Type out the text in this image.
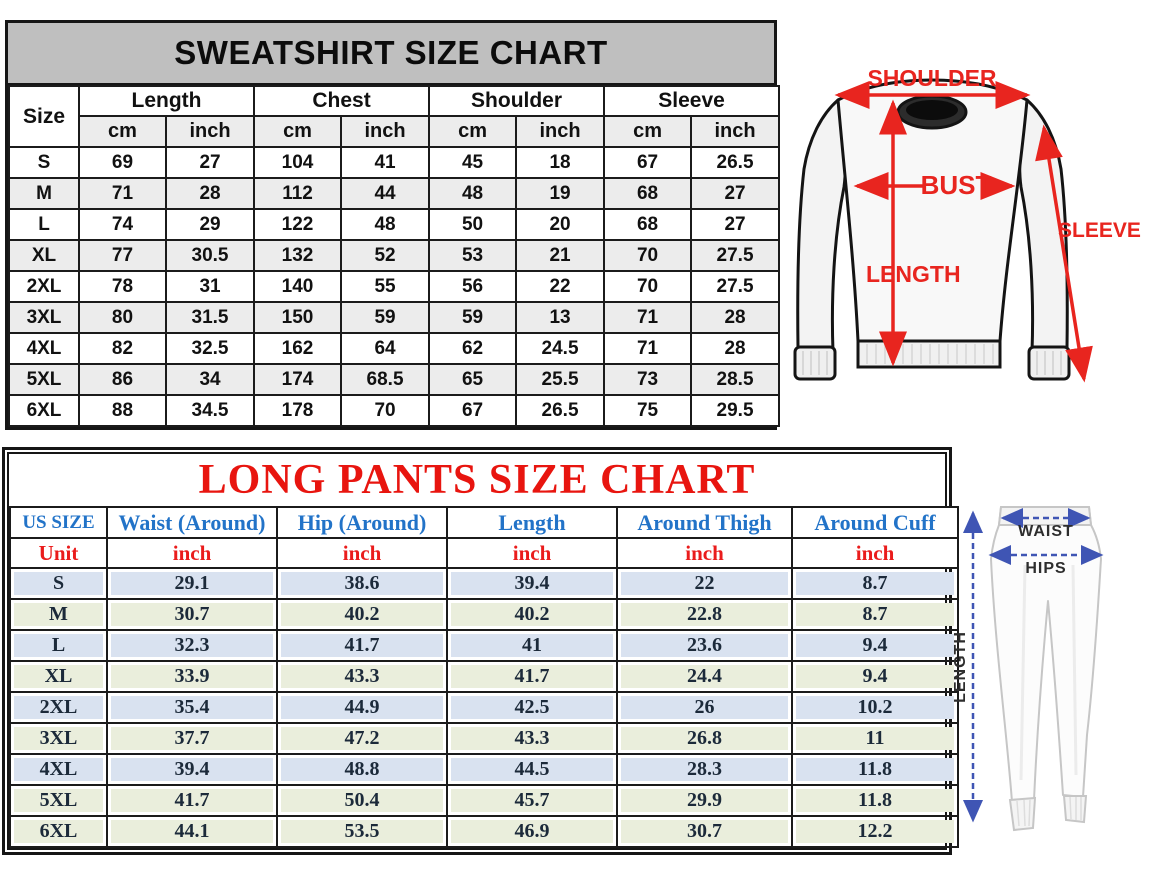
SWEATSHIRT SIZE CHART
Size	Length		Chest		Shoulder		Sleeve	
	cm	inch	cm	inch	cm	inch	cm	inch
S	69	27	104	41	45	18	67	26.5
M	71	28	112	44	48	19	68	27
L	74	29	122	48	50	20	68	27
XL	77	30.5	132	52	53	21	70	27.5
2XL	78	31	140	55	56	22	70	27.5
3XL	80	31.5	150	59	59	13	71	28
4XL	82	32.5	162	64	62	24.5	71	28
5XL	86	34	174	68.5	65	25.5	73	28.5
6XL	88	34.5	178	70	67	26.5	75	29.5
SHOULDER
BUST
LENGTH
SLEEVE
LONG PANTS SIZE CHART
US SIZE	Waist (Around)	Hip (Around)	Length	Around Thigh	Around Cuff
Unit	inch	inch	inch	inch	inch
S	29.1	38.6	39.4	22	8.7
M	30.7	40.2	40.2	22.8	8.7
L	32.3	41.7	41	23.6	9.4
XL	33.9	43.3	41.7	24.4	9.4
2XL	35.4	44.9	42.5	26	10.2
3XL	37.7	47.2	43.3	26.8	11
4XL	39.4	48.8	44.5	28.3	11.8
5XL	41.7	50.4	45.7	29.9	11.8
6XL	44.1	53.5	46.9	30.7	12.2
WAIST
HIPS
LENGTH
